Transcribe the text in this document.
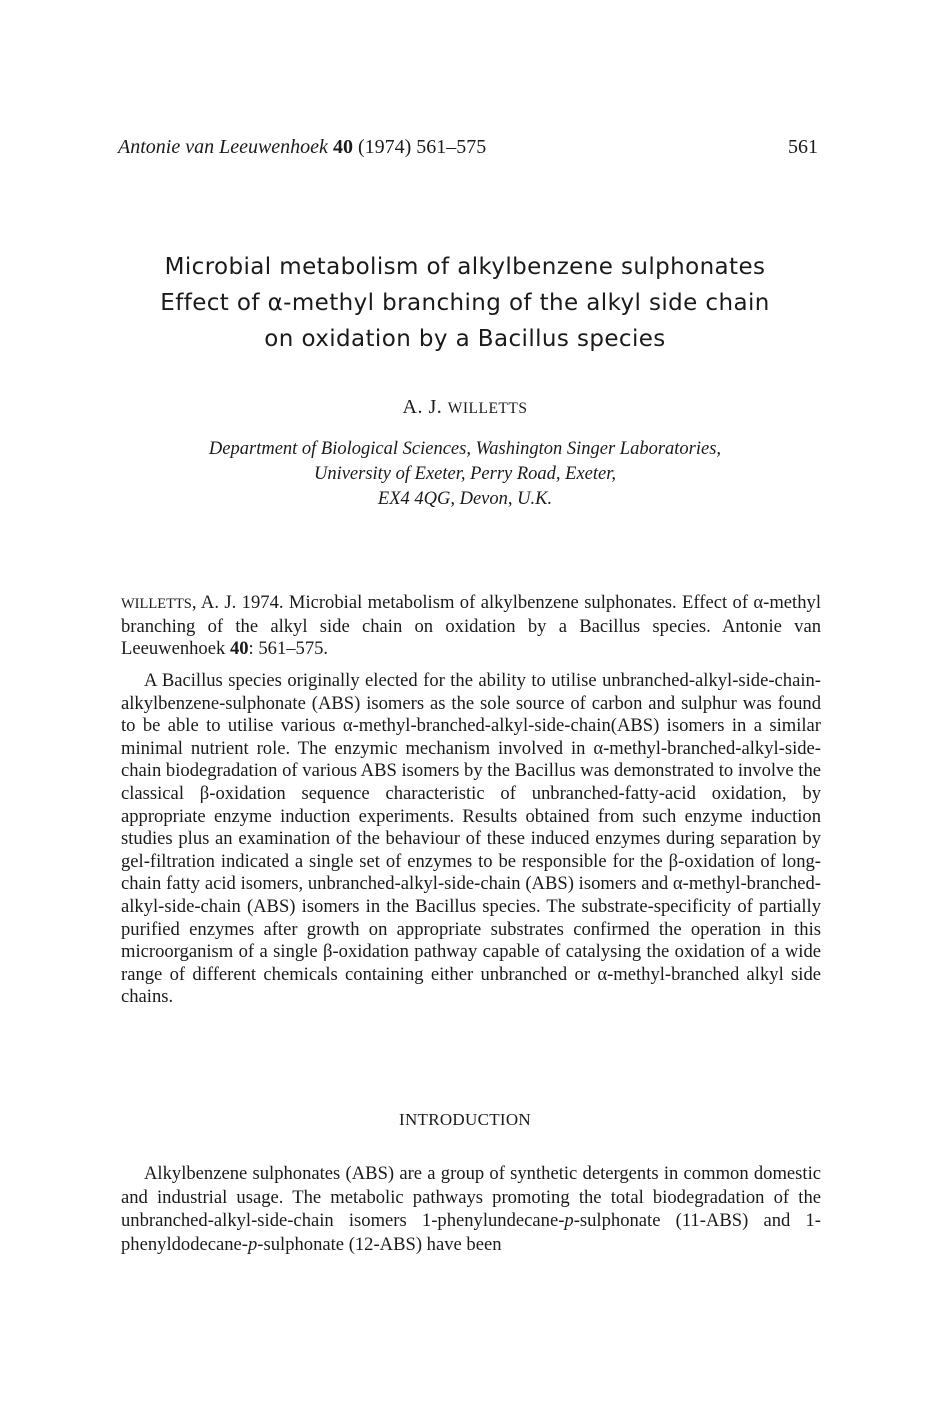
Antonie van Leeuwenhoek 40 (1974) 561–575	561
Microbial metabolism of alkylbenzene sulphonates
Effect of α-methyl branching of the alkyl side chain
on oxidation by a Bacillus species
A. J. WILLETTS
Department of Biological Sciences, Washington Singer Laboratories,
University of Exeter, Perry Road, Exeter,
EX4 4QG, Devon, U.K.

WILLETTS, A. J. 1974. Microbial metabolism of alkylbenzene sulphonates. Effect of α-methyl branching of the alkyl side chain on oxidation by a Bacillus species. Antonie van Leeuwenhoek 40: 561–575.

A Bacillus species originally elected for the ability to utilise unbranched-alkyl-side-chain-alkylbenzene-sulphonate (ABS) isomers as the sole source of carbon and sulphur was found to be able to utilise various α-methyl-branched-alkyl-side-chain(ABS) isomers in a similar minimal nutrient role. The enzymic mechanism involved in α-methyl-branched-alkyl-side-chain biodegradation of various ABS isomers by the Bacillus was demonstrated to involve the classical β-oxidation sequence characteristic of unbranched-fatty-acid oxidation, by appropriate enzyme induction experiments. Results obtained from such enzyme induction studies plus an examination of the behaviour of these induced enzymes during separation by gel-filtration indicated a single set of enzymes to be responsible for the β-oxidation of long-chain fatty acid isomers, unbranched-alkyl-side-chain (ABS) isomers and α-methyl-branched-alkyl-side-chain (ABS) isomers in the Bacillus species. The substrate-specificity of partially purified enzymes after growth on appropriate substrates confirmed the operation in this microorganism of a single β-oxidation pathway capable of catalysing the oxidation of a wide range of different chemicals containing either unbranched or α-methyl-branched alkyl side chains.

INTRODUCTION

Alkylbenzene sulphonates (ABS) are a group of synthetic detergents in common domestic and industrial usage. The metabolic pathways promoting the total biodegradation of the unbranched-alkyl-side-chain isomers 1-phenylundecane-p-sulphonate (11-ABS) and 1-phenyldodecane-p-sulphonate (12-ABS) have been
